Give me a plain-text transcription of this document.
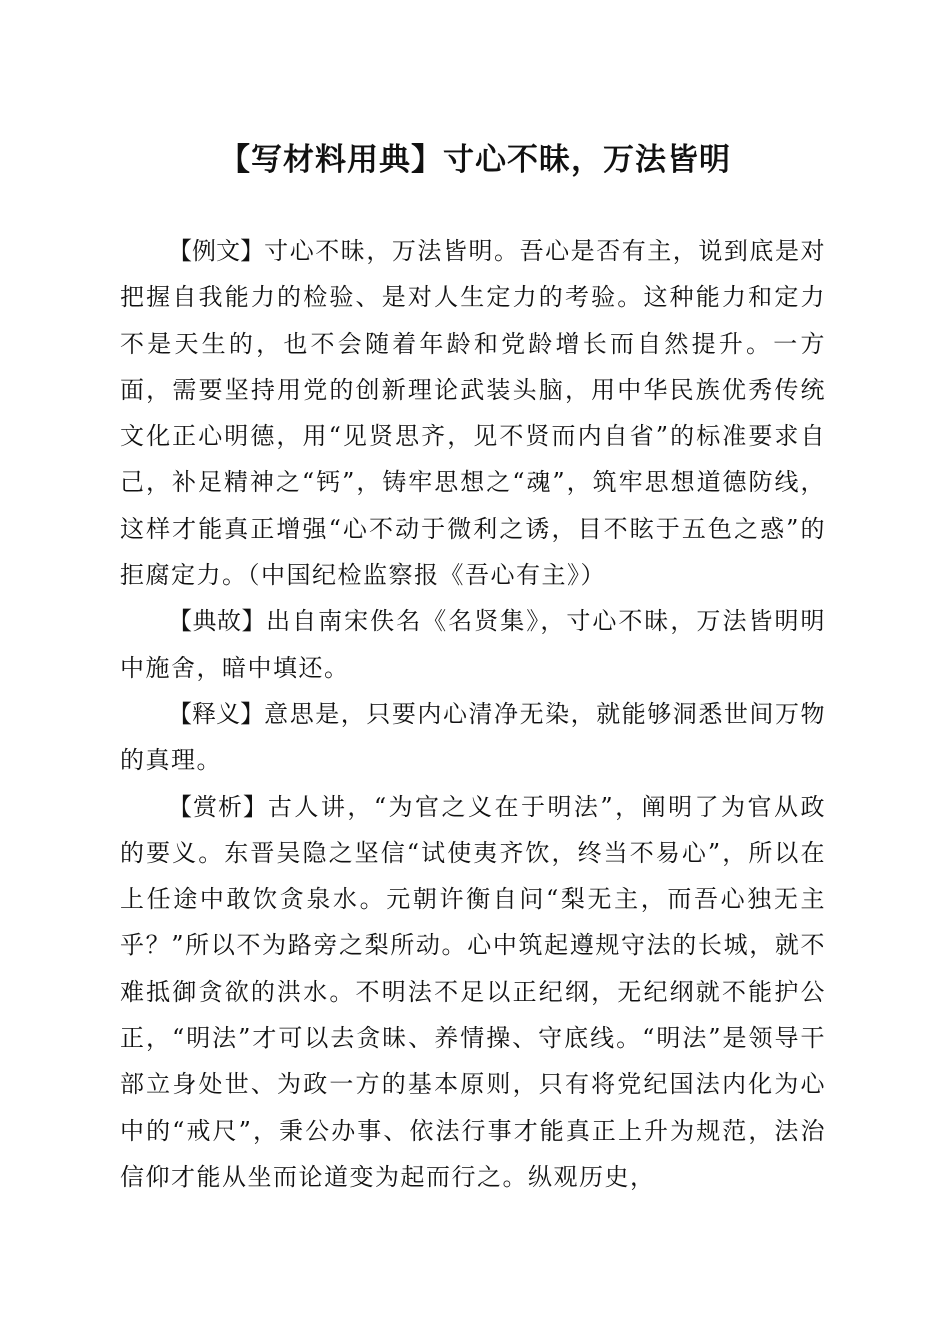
【写材料用典】寸心不昧，万法皆明

【例文】寸心不昧，万法皆明。吾心是否有主，说到底是对把握自我能力的检验、是对人生定力的考验。这种能力和定力不是天生的，也不会随着年龄和党龄增长而自然提升。一方面，需要坚持用党的创新理论武装头脑，用中华民族优秀传统文化正心明德，用“见贤思齐，见不贤而内自省”的标准要求自己，补足精神之“钙”，铸牢思想之“魂”，筑牢思想道德防线，这样才能真正增强“心不动于微利之诱，目不眩于五色之惑”的拒腐定力。（中国纪检监察报《吾心有主》）

【典故】出自南宋佚名《名贤集》，寸心不昧，万法皆明明中施舍，暗中填还。

【释义】意思是，只要内心清净无染，就能够洞悉世间万物的真理。

【赏析】古人讲，“为官之义在于明法”，阐明了为官从政的要义。东晋吴隐之坚信“试使夷齐饮，终当不易心”，所以在上任途中敢饮贪泉水。元朝许衡自问“梨无主，而吾心独无主乎？”所以不为路旁之梨所动。心中筑起遵规守法的长城，就不难抵御贪欲的洪水。不明法不足以正纪纲，无纪纲就不能护公正，“明法”才可以去贪昧、养情操、守底线。“明法”是领导干部立身处世、为政一方的基本原则，只有将党纪国法内化为心中的“戒尺”，秉公办事、依法行事才能真正上升为规范，法治信仰才能从坐而论道变为起而行之。纵观历史，
